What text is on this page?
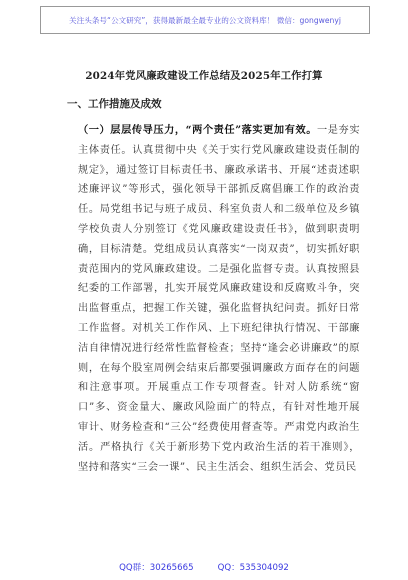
关注头条号“公文研究”，获得最新最全最专业的公文资料库！ 微信：gongwenyj
2024年党风廉政建设工作总结及2025年工作打算
一、工作措施及成效
（一）层层传导压力，“两个责任”落实更加有效。一是夯实主体责任。认真贯彻中央《关于实行党风廉政建设责任制的规定》，通过签订目标责任书、廉政承诺书、开展“述责述职述廉评议”等形式，强化领导干部抓反腐倡廉工作的政治责任。局党组书记与班子成员、科室负责人和二级单位及乡镇学校负责人分别签订《党风廉政建设责任书》，做到职责明确，目标清楚。党组成员认真落实“一岗双责”，切实抓好职责范围内的党风廉政建设。二是强化监督专责。认真按照县纪委的工作部署，扎实开展党风廉政建设和反腐败斗争，突出监督重点，把握工作关键，强化监督执纪问责。抓好日常工作监督。对机关工作作风、上下班纪律执行情况、干部廉洁自律情况进行经常性监督检查；坚持“逢会必讲廉政”的原则，在每个股室周例会结束后都要强调廉政方面存在的问题和注意事项。开展重点工作专项督查。针对人防系统“窗口”多、资金量大、廉政风险面广的特点，有针对性地开展审计、财务检查和“三公”经费使用督查等。严肃党内政治生活。严格执行《关于新形势下党内政治生活的若干准则》，坚持和落实“三会一课”、民主生活会、组织生活会、党员民
QQ群：30265665	QQ：535304092
